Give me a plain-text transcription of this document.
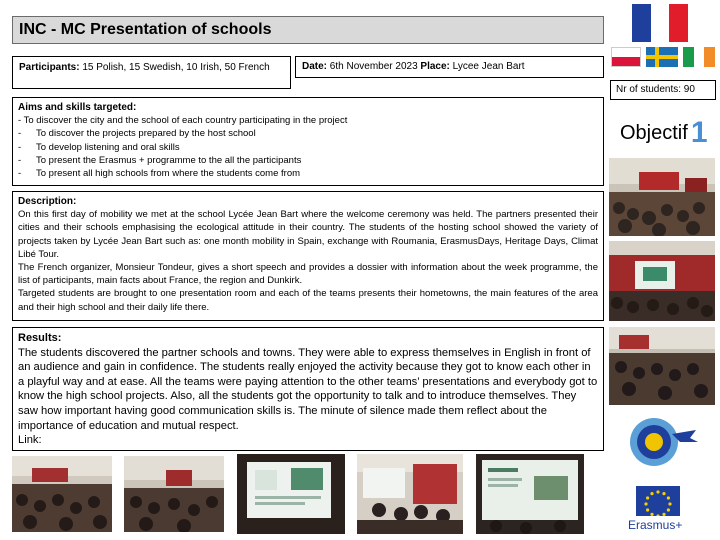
INC - MC Presentation of schools
Participants: 15 Polish, 15 Swedish, 10 Irish, 50 French	Date: 6th November 2023 Place: Lycee Jean Bart
Nr of students: 90
Objectif 1
Aims and skills targeted:
- To discover the city and the school of each country participating in the project
- To discover the projects prepared by the host school
- To develop listening and oral skills
- To present the Erasmus + programme to the all the participants
- To present all high schools from where the students come from
Description:

On this first day of mobility we met at the school Lycée Jean Bart where the welcome ceremony was held. The partners presented their cities and their schools emphasising the ecological attitude in their country. The students of the hosting school showed the variety of projects taken by Lycée Jean Bart such as: one month mobility in Spain, exchange with Roumania, ErasmusDays, Heritage Days, Climat Libé Tour.

The French organizer, Monsieur Tondeur, gives a short speech and provides a dossier with information about the week programme, the list of participants, main facts about France, the region and Dunkirk.

Targeted students are brought to one presentation room and each of the teams presents their hometowns, the main features of the area and their high school and their daily life there.

Results:

The students discovered the partner schools and towns. They were able to express themselves in English in front of an audience and gain in confidence. The students really enjoyed the activity because they got to know each other in a playful way and at ease. All the teams were paying attention to the other teams’ presentations and everybody got to know the high school projects. Also, all the students got the opportunity to talk and to introduce themselves. They saw how important having good communication skills is. The minute of silence made them reflect about the importance of education and mutual respect.

Link:

Erasmus+
